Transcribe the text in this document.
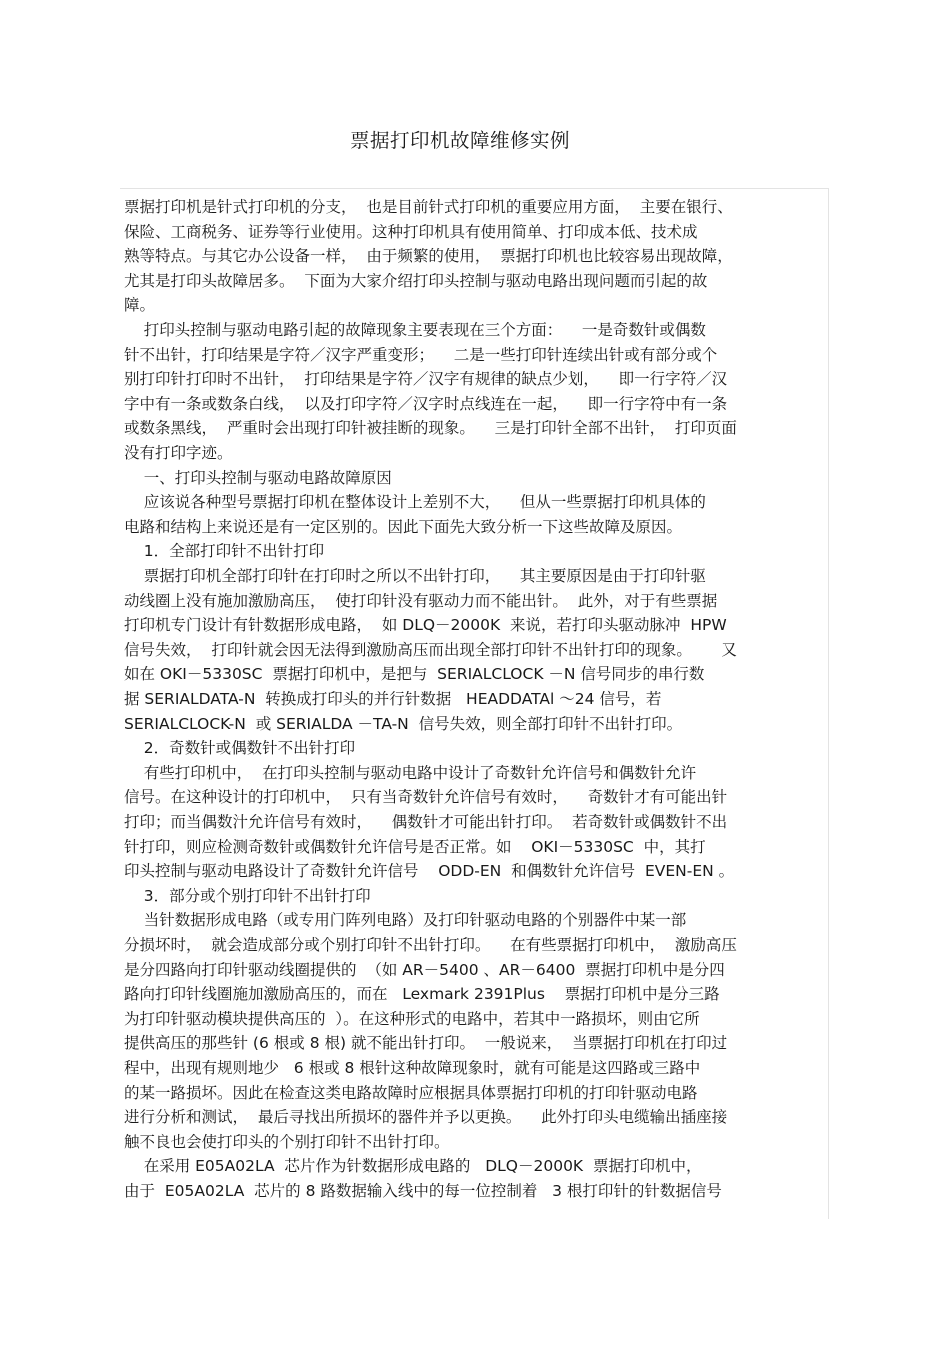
票据打印机故障维修实例
票据打印机是针式打印机的分支，  也是目前针式打印机的重要应用方面，  主要在银行、
保险、工商税务、证券等行业使用。这种打印机具有使用简单、打印成本低、技术成
熟等特点。与其它办公设备一样，  由于频繁的使用，  票据打印机也比较容易出现故障，
尤其是打印头故障居多。  下面为大家介绍打印头控制与驱动电路出现问题而引起的故
障。
打印头控制与驱动电路引起的故障现象主要表现在三个方面：    一是奇数针或偶数
针不出针，打印结果是字符／汉字严重变形；    二是一些打印针连续出针或有部分或个
别打印针打印时不出针，  打印结果是字符／汉字有规律的缺点少划，    即一行字符／汉
字中有一条或数条白线，  以及打印字符／汉字时点线连在一起，    即一行字符中有一条
或数条黑线，  严重时会出现打印针被挂断的现象。    三是打印针全部不出针，  打印页面
没有打印字迹。
一、打印头控制与驱动电路故障原因
应该说各种型号票据打印机在整体设计上差别不大，    但从一些票据打印机具体的
电路和结构上来说还是有一定区别的。因此下面先大致分析一下这些故障及原因。
1．全部打印针不出针打印
票据打印机全部打印针在打印时之所以不出针打印，    其主要原因是由于打印针驱
动线圈上没有施加激励高压，  使打印针没有驱动力而不能出针。  此外，对于有些票据
打印机专门设计有针数据形成电路，  如 DLQ－2000K  来说，若打印头驱动脉冲  HPW
信号失效，  打印针就会因无法得到激励高压而出现全部打印针不出针打印的现象。      又
如在 OKI－5330SC  票据打印机中，是把与  SERIALCLOCK －N 信号同步的串行数
据 SERIALDATA-N  转换成打印头的并行针数据   HEADDATAl ～24 信号，若
SERIALCLOCK-N  或 SERIALDA －TA-N  信号失效，则全部打印针不出针打印。
2．奇数针或偶数针不出针打印
有些打印机中，  在打印头控制与驱动电路中设计了奇数针允许信号和偶数针允许
信号。在这种设计的打印机中，  只有当奇数针允许信号有效时，    奇数针才有可能出针
打印；而当偶数汁允许信号有效时，    偶数针才可能出针打印。  若奇数针或偶数针不出
针打印，则应检测奇数针或偶数针允许信号是否正常。如    OKI－5330SC  中，其打
印头控制与驱动电路设计了奇数针允许信号    ODD-EN  和偶数针允许信号  EVEN-EN 。
3．部分或个别打印针不出针打印
当针数据形成电路（或专用门阵列电路）及打印针驱动电路的个别器件中某一部
分损坏时，  就会造成部分或个别打印针不出针打印。    在有些票据打印机中，  激励高压
是分四路向打印针驱动线圈提供的  （如 AR－5400 、AR－6400  票据打印机中是分四
路向打印针线圈施加激励高压的，而在   Lexmark 2391Plus    票据打印机中是分三路
为打印针驱动模块提供高压的  ）。在这种形式的电路中，若其中一路损坏，则由它所
提供高压的那些针 (6 根或 8 根) 就不能出针打印。  一般说来，  当票据打印机在打印过
程中，出现有规则地少   6 根或 8 根针这种故障现象时，就有可能是这四路或三路中
的某一路损坏。因此在检查这类电路故障时应根据具体票据打印机的打印针驱动电路
进行分析和测试，  最后寻找出所损坏的器件并予以更换。    此外打印头电缆输出插座接
触不良也会使打印头的个别打印针不出针打印。
在采用 E05A02LA  芯片作为针数据形成电路的   DLQ－2000K  票据打印机中，
由于  E05A02LA  芯片的 8 路数据输入线中的每一位控制着   3 根打印针的针数据信号
